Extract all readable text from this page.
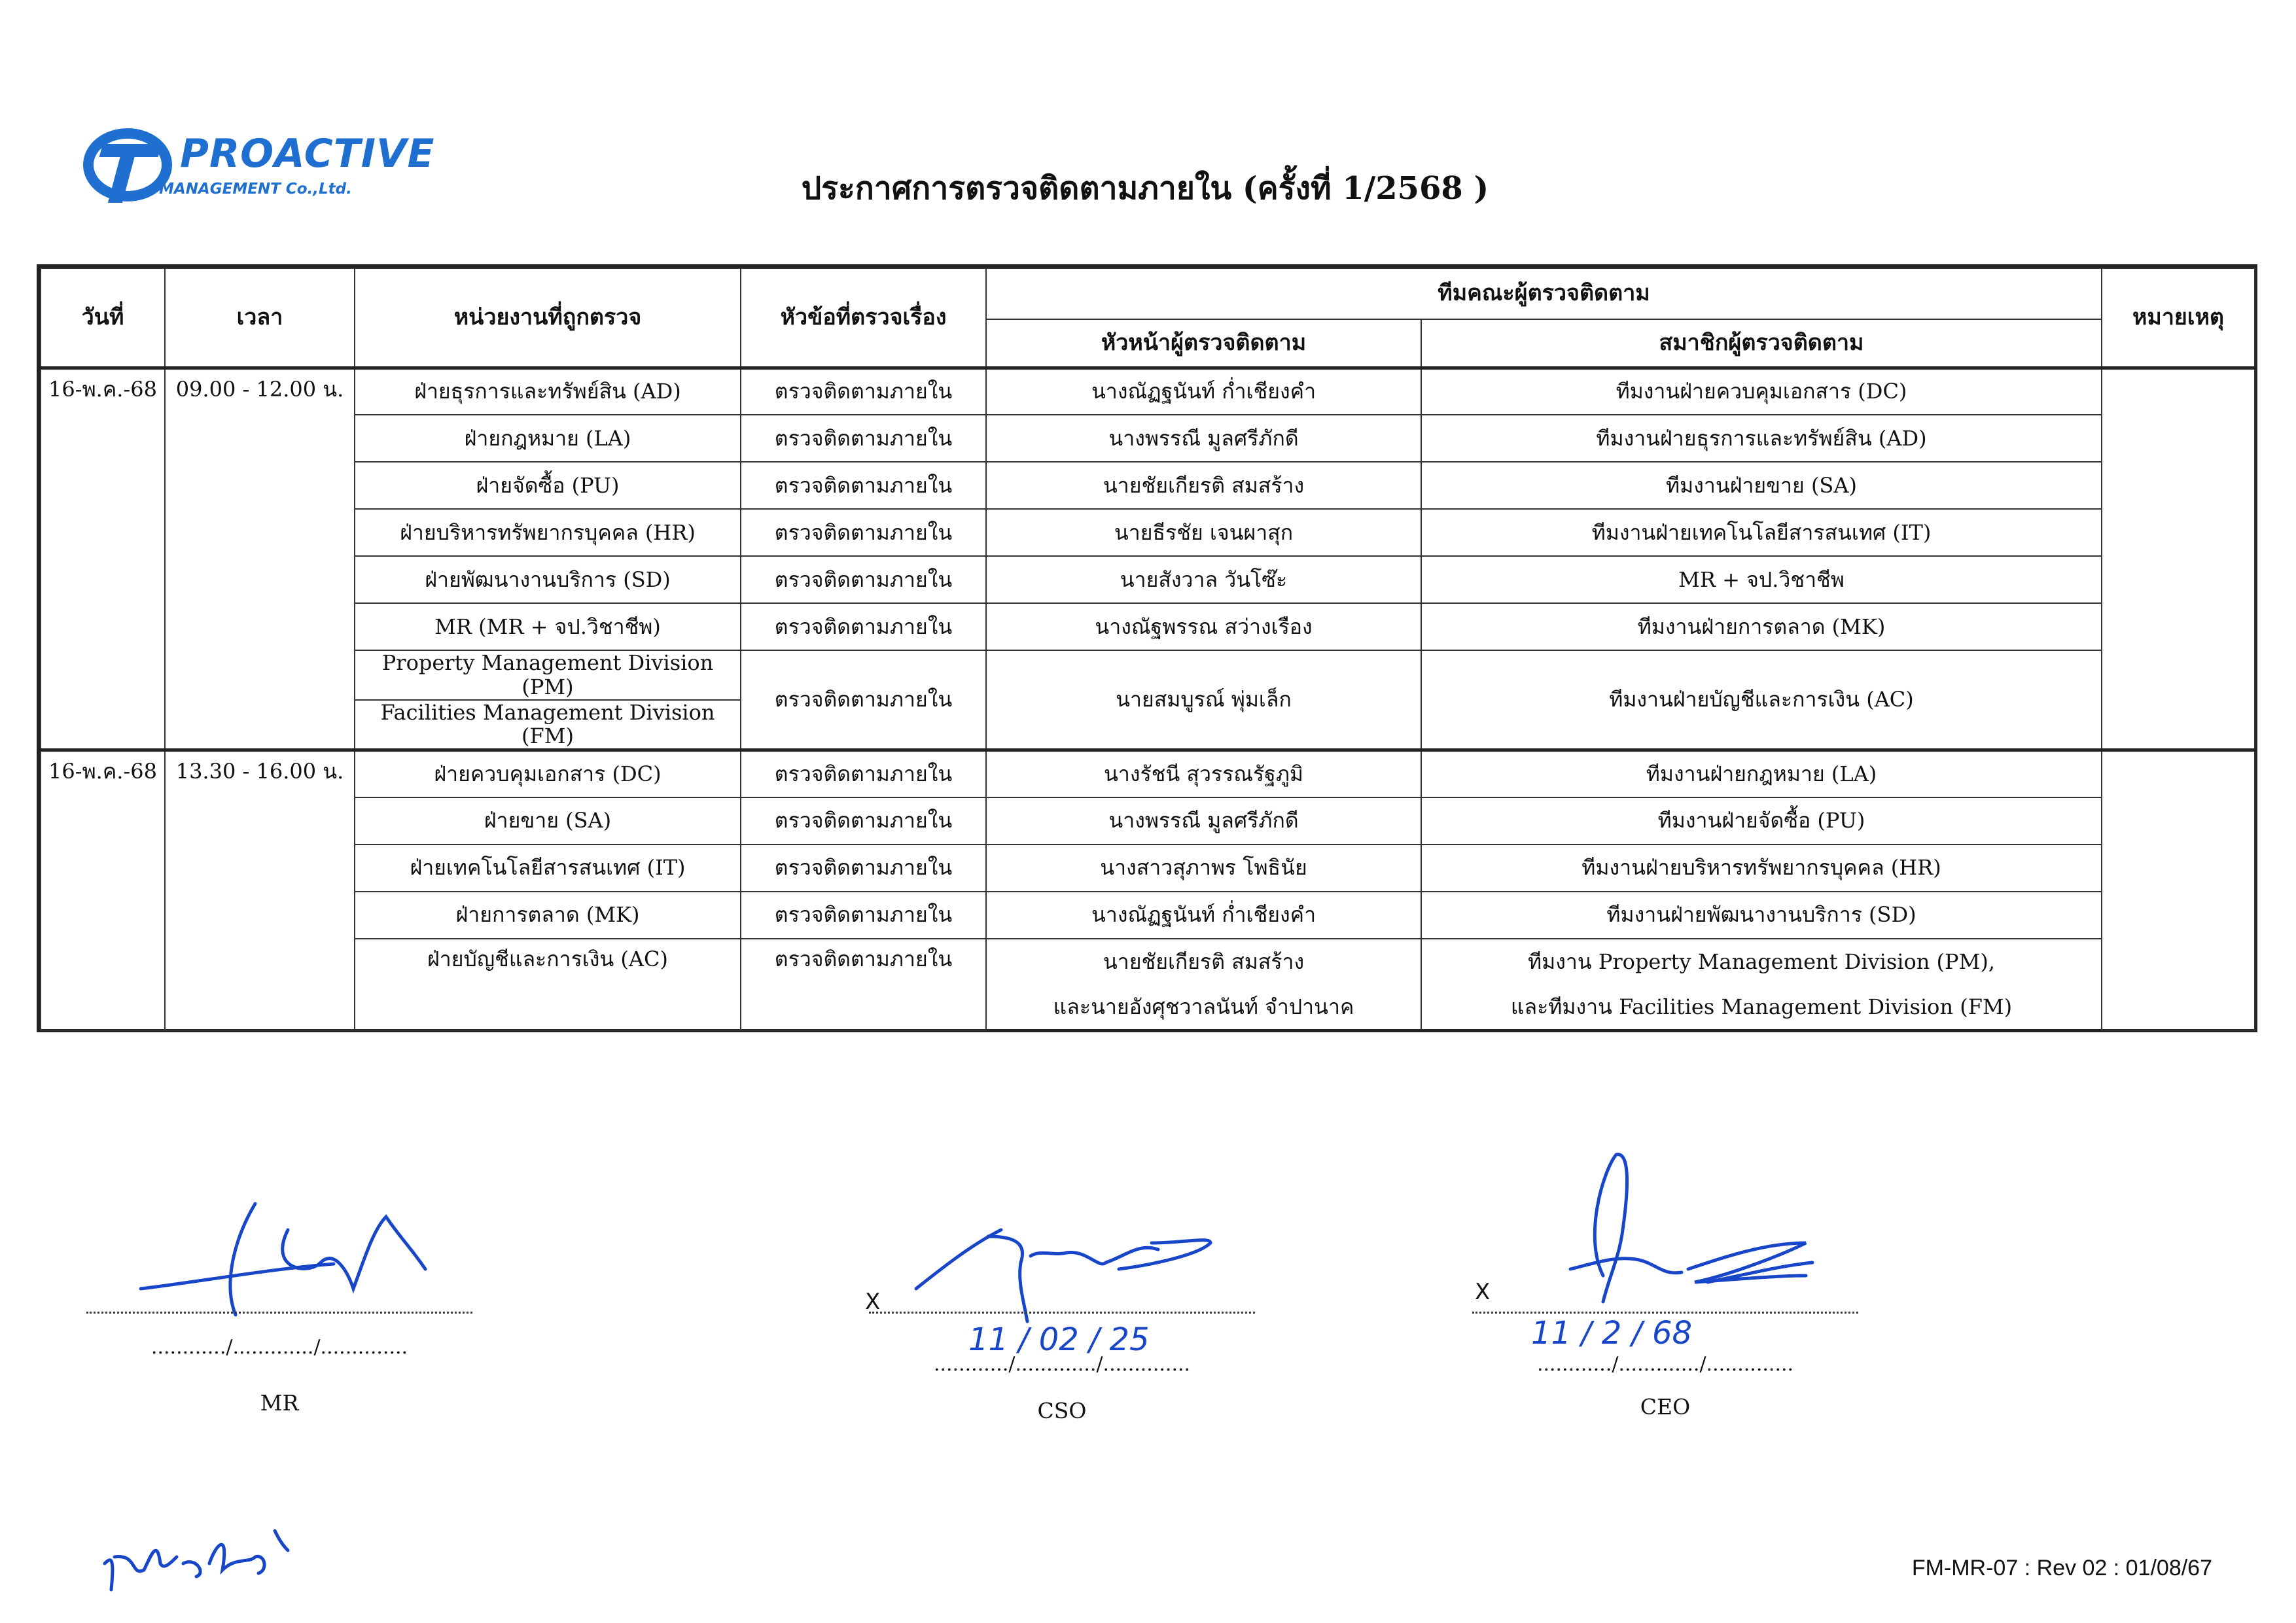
PROACTIVE
MANAGEMENT Co.,Ltd.	ประกาศการตรวจติดตามภายใน (ครั้งที่ 1/2568 )
วันที่	เวลา	หน่วยงานที่ถูกตรวจ	หัวข้อที่ตรวจเรื่อง	ทีมคณะผู้ตรวจติดตาม		หมายเหตุ
				หัวหน้าผู้ตรวจติดตาม	สมาชิกผู้ตรวจติดตาม	
16-พ.ค.-68	09.00 - 12.00 น.	ฝ่ายธุรการและทรัพย์สิน (AD)	ตรวจติดตามภายใน	นางณัฏฐนันท์ ก่ำเชียงคำ	ทีมงานฝ่ายควบคุมเอกสาร (DC)	
		ฝ่ายกฎหมาย (LA)	ตรวจติดตามภายใน	นางพรรณี มูลศรีภักดี	ทีมงานฝ่ายธุรการและทรัพย์สิน (AD)	
		ฝ่ายจัดซื้อ (PU)	ตรวจติดตามภายใน	นายชัยเกียรติ สมสร้าง	ทีมงานฝ่ายขาย (SA)	
		ฝ่ายบริหารทรัพยากรบุคคล (HR)	ตรวจติดตามภายใน	นายธีรชัย เจนผาสุก	ทีมงานฝ่ายเทคโนโลยีสารสนเทศ (IT)	
		ฝ่ายพัฒนางานบริการ (SD)	ตรวจติดตามภายใน	นายสังวาล วันโซ๊ะ	MR + จป.วิชาชีพ	
		MR (MR + จป.วิชาชีพ)	ตรวจติดตามภายใน	นางณัฐพรรณ สว่างเรือง	ทีมงานฝ่ายการตลาด (MK)	
		Property Management Division (PM)	ตรวจติดตามภายใน	นายสมบูรณ์ พุ่มเล็ก	ทีมงานฝ่ายบัญชีและการเงิน (AC)	
		Facilities Management Division (FM)				
16-พ.ค.-68	13.30 - 16.00 น.	ฝ่ายควบคุมเอกสาร (DC)	ตรวจติดตามภายใน	นางรัชนี สุวรรณรัฐภูมิ	ทีมงานฝ่ายกฎหมาย (LA)	
		ฝ่ายขาย (SA)	ตรวจติดตามภายใน	นางพรรณี มูลศรีภักดี	ทีมงานฝ่ายจัดซื้อ (PU)	
		ฝ่ายเทคโนโลยีสารสนเทศ (IT)	ตรวจติดตามภายใน	นางสาวสุภาพร โพธินัย	ทีมงานฝ่ายบริหารทรัพยากรบุคคล (HR)	
		ฝ่ายการตลาด (MK)	ตรวจติดตามภายใน	นางณัฏฐนันท์ ก่ำเชียงคำ	ทีมงานฝ่ายพัฒนางานบริการ (SD)	
		ฝ่ายบัญชีและการเงิน (AC)	ตรวจติดตามภายใน	นายชัยเกียรติ สมสร้าง	ทีมงาน Property Management Division (PM),	
				และนายอังศุชวาลนันท์ จำปานาค	และทีมงาน Facilities Management Division (FM)	
............/............./..............
MR
X
............/............./..............
CSO
11 / 02 / 25
X
............/............./..............
CEO
11 / 2 / 68
FM-MR-07 : Rev 02 : 01/08/67
